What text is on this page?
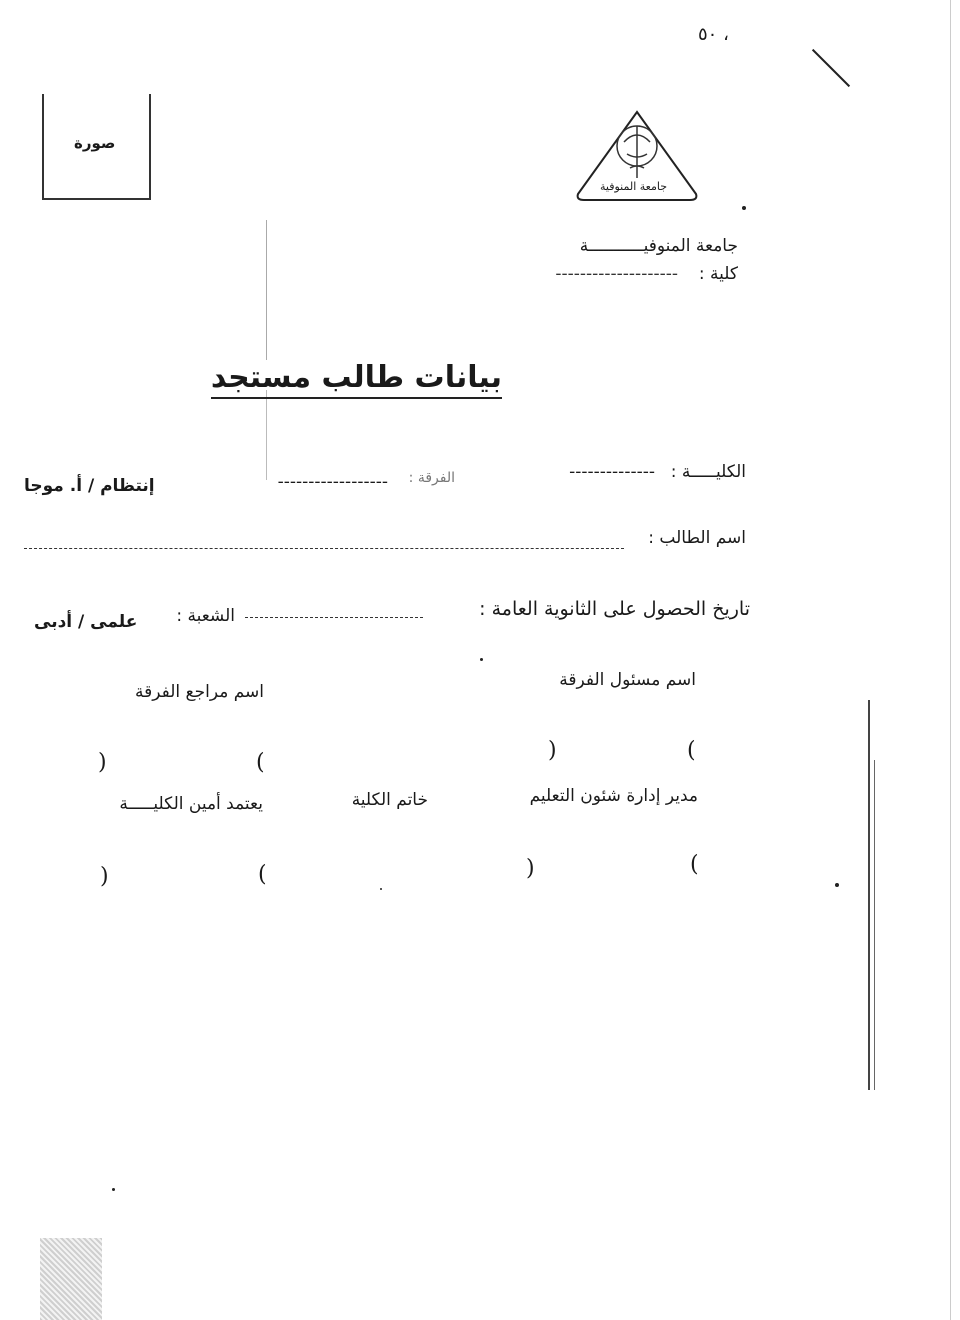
٥٠ ،
صورة
جامعة المنوفية
جامعة المنوفيـــــــــــة
كلية :
--------------------
بيانات طالب مستجد
الكليـــــة :
--------------
الفرقة :
------------------
إنتظام / أ. موجا
اسم الطالب :
تاريخ الحصول على الثانوية العامة :
الشعبة :
علمى / أدبى
اسم مسئول الفرقة
اسم مراجع الفرقة
(
)
(
)
مدير إدارة شئون التعليم
خاتم الكلية
يعتمد أمين الكليـــــة
(
)
(
)
